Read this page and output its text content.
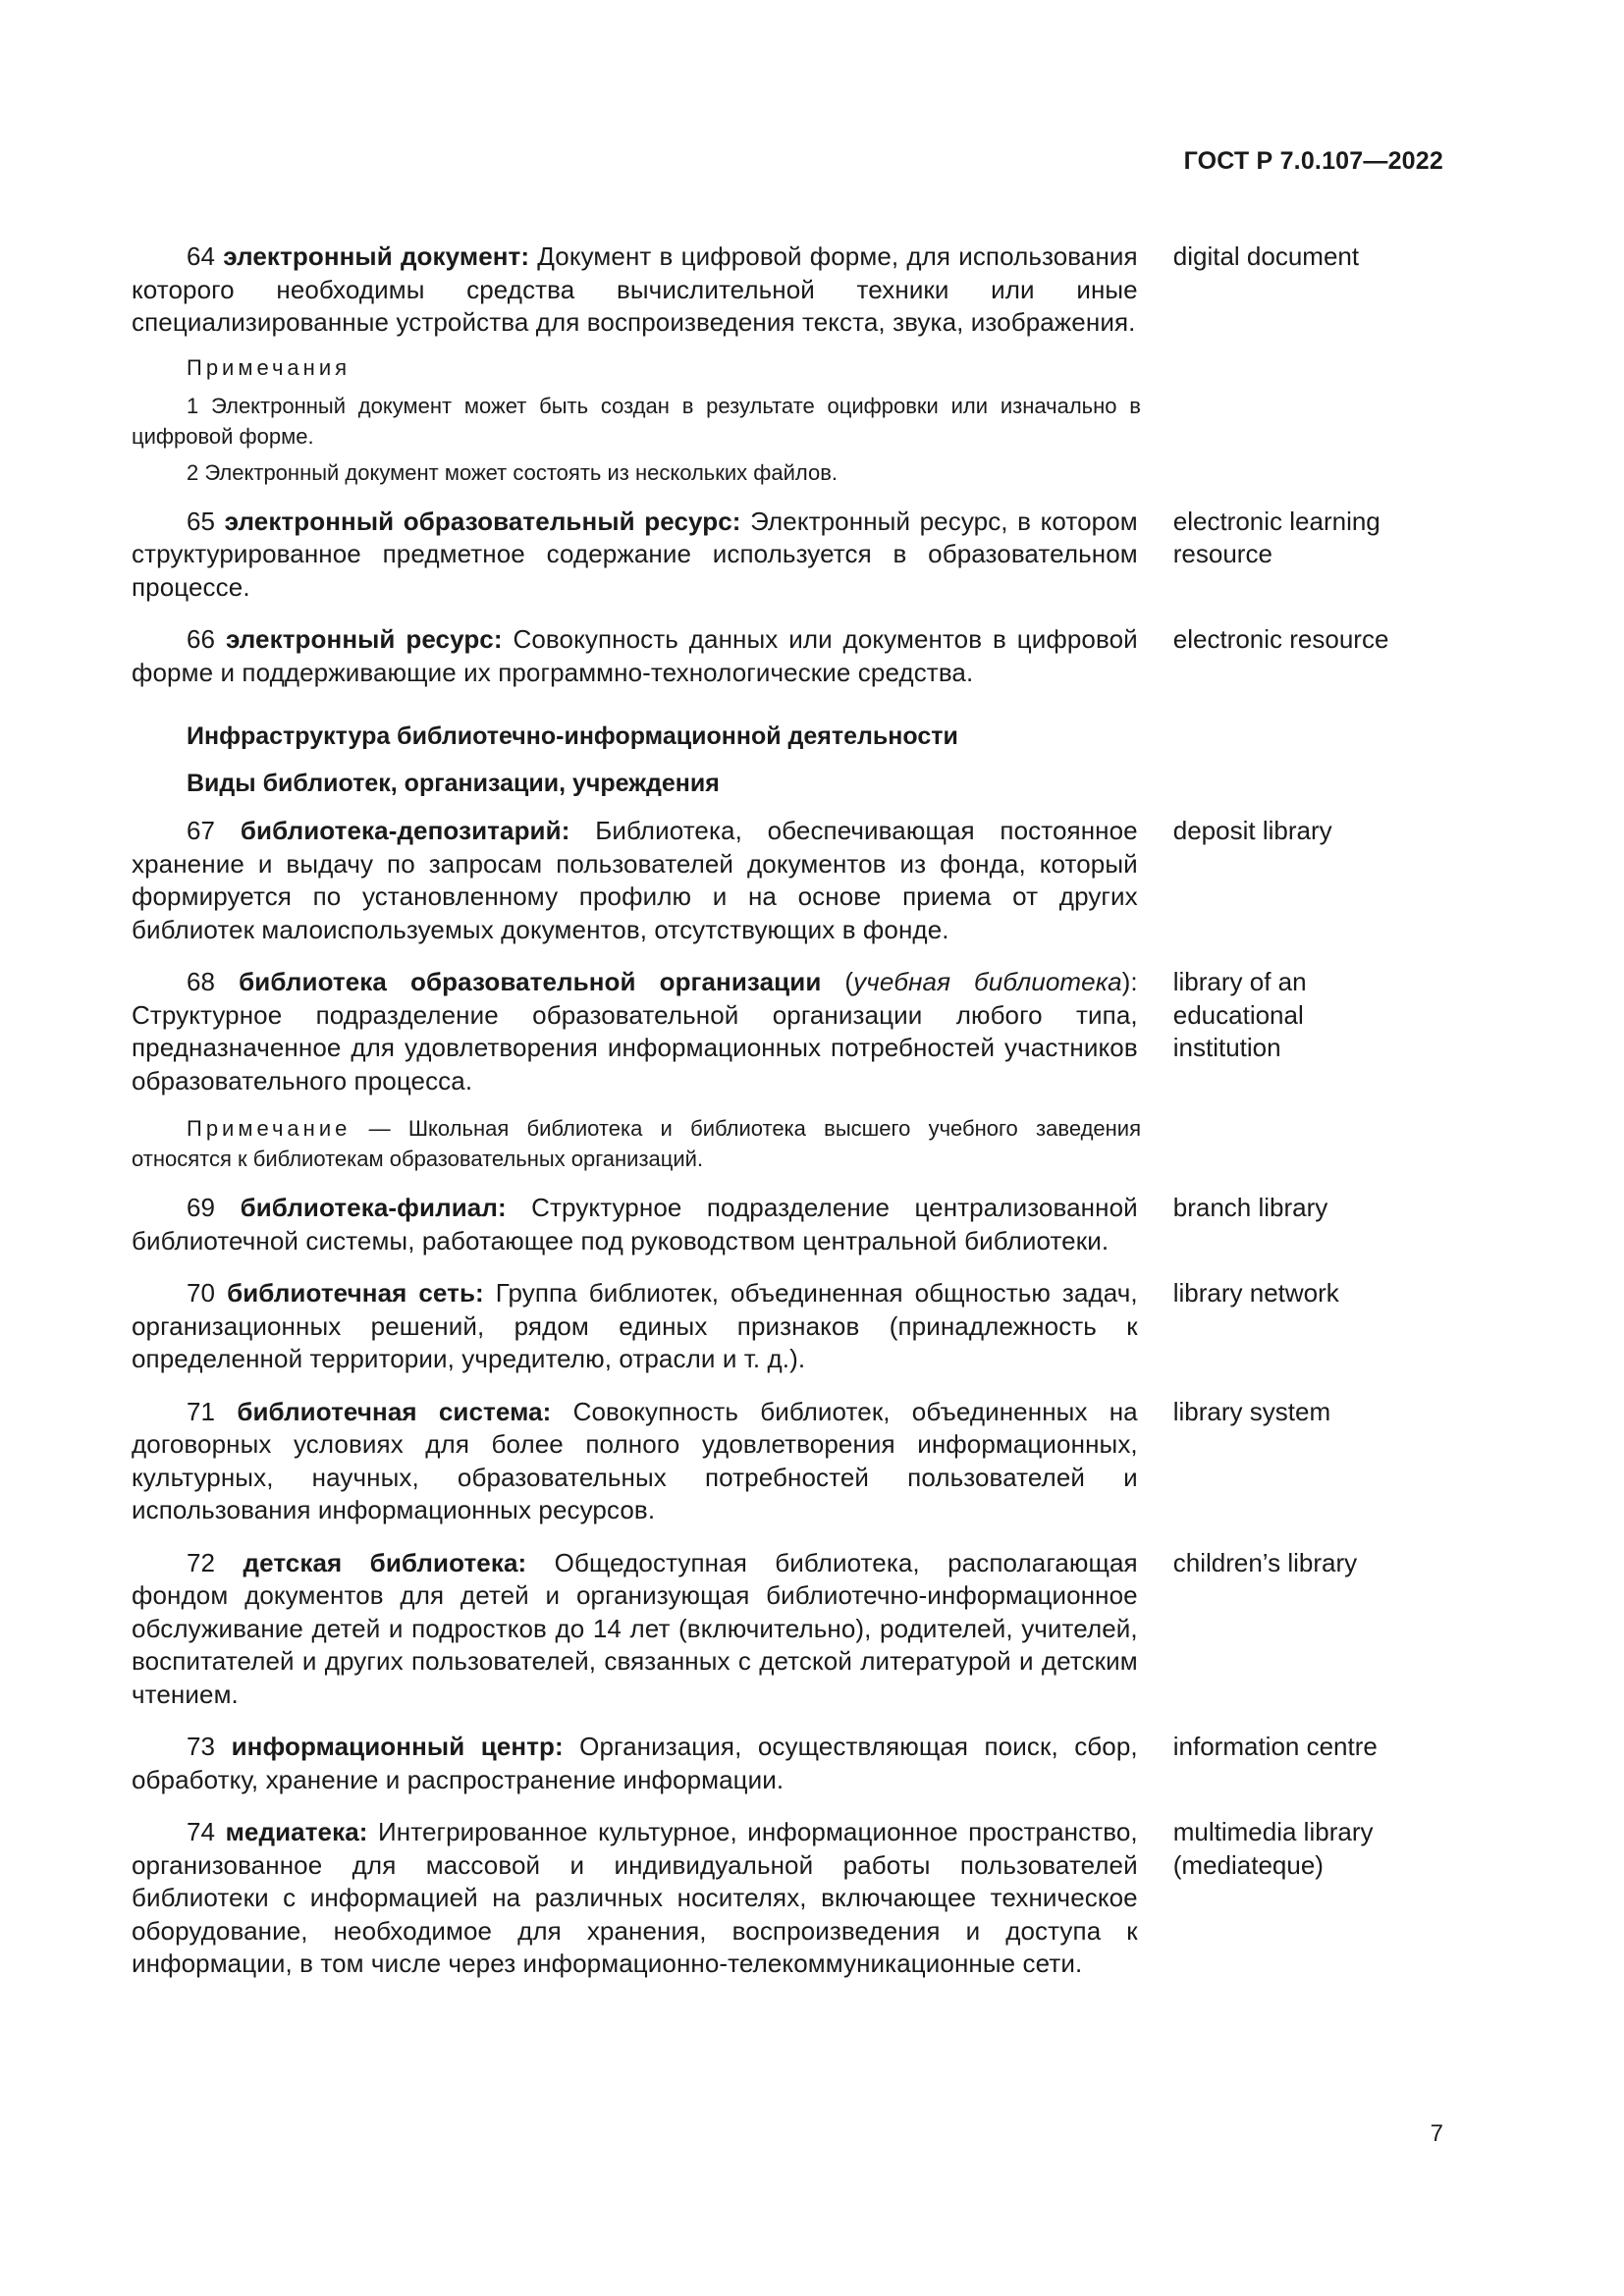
ГОСТ Р 7.0.107—2022
64 электронный документ: Документ в цифровой форме, для использования которого необходимы средства вычислительной техники или иные специализированные устройства для воспроизведения текста, звука, изображения.
digital document
Примечания
1 Электронный документ может быть создан в результате оцифровки или изначально в цифровой форме.
2 Электронный документ может состоять из нескольких файлов.
65 электронный образовательный ресурс: Электронный ресурс, в котором структурированное предметное содержание используется в образовательном процессе.
electronic learning resource
66 электронный ресурс: Совокупность данных или документов в цифровой форме и поддерживающие их программно-технологические средства.
electronic resource
Инфраструктура библиотечно-информационной деятельности
Виды библиотек, организации, учреждения
67 библиотека-депозитарий: Библиотека, обеспечивающая постоянное хранение и выдачу по запросам пользователей документов из фонда, который формируется по установленному профилю и на основе приема от других библиотек малоиспользуемых документов, отсутствующих в фонде.
deposit library
68 библиотека образовательной организации (учебная библиотека): Структурное подразделение образовательной организации любого типа, предназначенное для удовлетворения информационных потребностей участников образовательного процесса.
library of an educational institution
Примечание — Школьная библиотека и библиотека высшего учебного заведения относятся к библиотекам образовательных организаций.
69 библиотека-филиал: Структурное подразделение централизованной библиотечной системы, работающее под руководством центральной библиотеки.
branch library
70 библиотечная сеть: Группа библиотек, объединенная общностью задач, организационных решений, рядом единых признаков (принадлежность к определенной территории, учредителю, отрасли и т. д.).
library network
71 библиотечная система: Совокупность библиотек, объединенных на договорных условиях для более полного удовлетворения информационных, культурных, научных, образовательных потребностей пользователей и использования информационных ресурсов.
library system
72 детская библиотека: Общедоступная библиотека, располагающая фондом документов для детей и организующая библиотечно-информационное обслуживание детей и подростков до 14 лет (включительно), родителей, учителей, воспитателей и других пользователей, связанных с детской литературой и детским чтением.
children’s library
73 информационный центр: Организация, осуществляющая поиск, сбор, обработку, хранение и распространение информации.
information centre
74 медиатека: Интегрированное культурное, информационное пространство, организованное для массовой и индивидуальной работы пользователей библиотеки с информацией на различных носителях, включающее техническое оборудование, необходимое для хранения, воспроизведения и доступа к информации, в том числе через информационно-телекоммуникационные сети.
multimedia library (mediateque)
7
